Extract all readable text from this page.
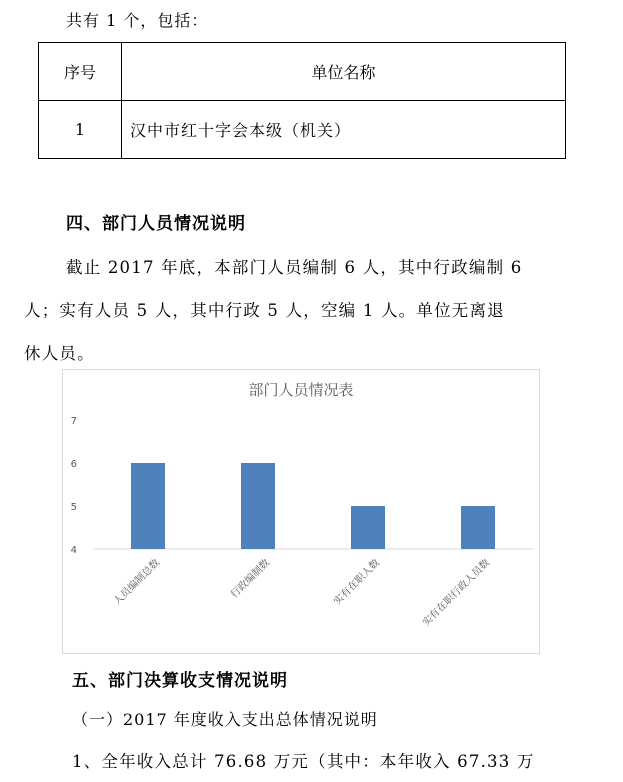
共有 1 个，包括：
序号	单位名称
1	汉中市红十字会本级（机关）
四、部门人员情况说明

截止 2017 年底，本部门人员编制 6 人，其中行政编制 6
人；实有人员 5 人，其中行政 5 人，空编 1 人。单位无离退
休人员。

部门人员情况表
7
6
5
4
人员编制总数	行政编制数	实有在职人数	实有在职行政人员数
五、部门决算收支情况说明
（一）2017 年度收入支出总体情况说明
1、全年收入总计 76.68 万元（其中：本年收入 67.33 万
